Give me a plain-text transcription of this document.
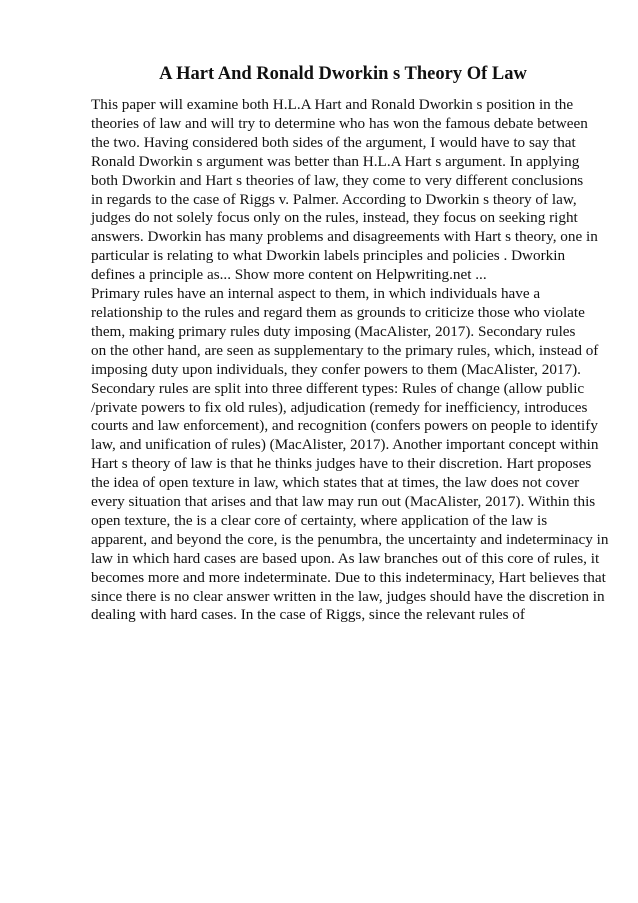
A Hart And Ronald Dworkin s Theory Of Law
This paper will examine both H.L.A Hart and Ronald Dworkin s position in the
theories of law and will try to determine who has won the famous debate between
the two. Having considered both sides of the argument, I would have to say that
Ronald Dworkin s argument was better than H.L.A Hart s argument. In applying
both Dworkin and Hart s theories of law, they come to very different conclusions
in regards to the case of Riggs v. Palmer. According to Dworkin s theory of law,
judges do not solely focus only on the rules, instead, they focus on seeking right
answers. Dworkin has many problems and disagreements with Hart s theory, one in
particular is relating to what Dworkin labels principles and policies . Dworkin
defines a principle as... Show more content on Helpwriting.net ...
Primary rules have an internal aspect to them, in which individuals have a
relationship to the rules and regard them as grounds to criticize those who violate
them, making primary rules duty imposing (MacAlister, 2017). Secondary rules
on the other hand, are seen as supplementary to the primary rules, which, instead of
imposing duty upon individuals, they confer powers to them (MacAlister, 2017).
Secondary rules are split into three different types: Rules of change (allow public
/private powers to fix old rules), adjudication (remedy for inefficiency, introduces
courts and law enforcement), and recognition (confers powers on people to identify
law, and unification of rules) (MacAlister, 2017). Another important concept within
Hart s theory of law is that he thinks judges have to their discretion. Hart proposes
the idea of open texture in law, which states that at times, the law does not cover
every situation that arises and that law may run out (MacAlister, 2017). Within this
open texture, the is a clear core of certainty, where application of the law is
apparent, and beyond the core, is the penumbra, the uncertainty and indeterminacy in
law in which hard cases are based upon. As law branches out of this core of rules, it
becomes more and more indeterminate. Due to this indeterminacy, Hart believes that
since there is no clear answer written in the law, judges should have the discretion in
dealing with hard cases. In the case of Riggs, since the relevant rules of
